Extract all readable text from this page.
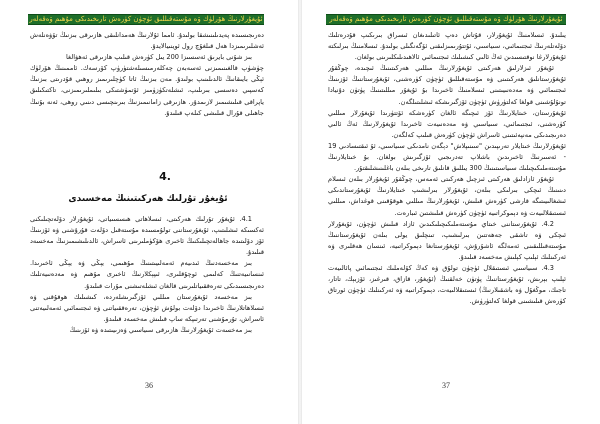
ئۇيغۇرلارنىڭ ھۆرلۈك ۋە مۇستەقىللىق ئۈچۈن كۈرەش تارىخىدىكى مۇھىم ۋەقەلەر

دەرىجىسىدە پەيدىلىنىشقا بولىدۇ. ئامما ئۇلارنىڭ ھەمدانلىقى ھازىرقى بىزنىڭ تۆۋەنلەش ئەشلىرىمىزدا ھەل قىلغۇچ رول ئوينىيالايدۇ.

بىز شۇنى بايرىق ئەسسىزا 200 يىل كۈرەش قىلىپ ھازىرقى ئەھۋالغا

چۈشۈپ قالغىنىمىزنى ئەسەبەن چەكلەرمىسىلەشتۈرۈپ كۆرسەك. ئاممىنىڭ ھۆرلۈك ئېڭى بايىقانىڭ ئالدىلىنىپ بولىدۇ. مەن بىزنىڭ ئاتا كۈچلىرىمىز روھىي قۇدرىتى بىزنىڭ كەسپىي دەسسى بىرىلىپ، ئىشلەتكۈزۈمىز ئۆتمۈشتىكى بىلىملىرىمىزنى، تاكتىكىلىق ياپراقى قىلىشىمىز لازىمدۇر. ھازىرقى زامانىمىزنىڭ بىرىنچىسى دىنىي روھى، ئەنە بۇنىڭ جاھىلى قۇرال قىلىشى كىلەپ قىلىدۇ.

4.
ئۇيغۇر تۇرلىك ھەركىتىنىڭ مەخسىدى

4.1. ئۇيغۇر تۇرلىك ھەركىتى، ئىسلاھاتى ھىسسىياتى، ئۇيغۇرلار دۆلەتچىلىكنى ئەكسىكە ئىشلىتىپ، ئۇيغۇرستاننى تولۇمسىدە مۇستەقىل دۆلەت قۇرۇشنى ۋە ئۆزىنىڭ ئۆز دۆلىتىدە جاھالەتچىلىكنىڭ ئاخىرى ھۆكۈملىرىنى ئاسراش، ئالدىلىشىمىزنىڭ مەخسەد قىلىدۇ.

بىز مەخسەدنىڭ ئىدىيەم ئەمەلىيىتىنىڭ مۇھىمى، يېڭى ۋە يېڭى ئاخىرىدا. ئىنسانىيەتنىڭ كەلىمى ئوچۇقلىرى، ئىپېكلارنىڭ ئاخىرى مۇھىم ۋە مەدەنىيەتلىك دەرىجىسىدىكى تەرەققىياتلىرىنى قالغان ئىشلەتىشنى مۇرات قىلىدۇ.

بىز مەخسەد ئۇيغۇرستان مىللىي ئۆزگىرىشلەردە، كىشىلىك ھوقۇقنى ۋە ئىسلاھاتلارنىڭ ئاخىرىدا دۆلەت بولۇش ئۈچۈن، تەرەققىياتنى ۋە ئىجتىمائىي ئەمەلىيەتنى ئاسراش، تۇرمۇشنى تەرتىپكە ساپ قىلىش مەخسەد قىلىدۇ.

بىز مەخسەت ئۇيغۇرلارنىڭ ھازىرقى سىياسىي ۋەزىيىتىدە ۋە ئۆزىنىڭ

36
ئۇيغۇرلارنىڭ ھۆرلۈك ۋە مۇستەقىللىق ئۈچۈن كۈرەش تارىخىدىكى مۇھىم ۋەقەلەر

يىلىدۇ. ئىسلامنىڭ ئۇيغۇرلار، قۇتاش دەپ ئاتىلىدىغان ئىسراق بىرىكىپ قۇدرەتلىك دۆلەتلەرنىڭ ئىجتىمائىي، سىياسىي، ئۇتتۇرىمىزلىقنى ئۆگەنگىلى بولىدۇ. ئىسلامنىڭ بىرلىكتە ئۇيغۇرلارغا نوقتىسىدىن ئەڭ ئالىي كىشىلىك ئىجتىمائىي ئالاھىدىلىكلىرىنى بولغان.

ئۇيغۇر ئىزلارلىق ھەركىتى ئۇيغۇرلارنىڭ مىللىي ھەركىتىنىڭ ئىچىدە، چوڭقۇر ئۇيغۇرستانلىق ھەركىتىنى ۋە مۇستەقىللىق ئۈچۈن كۈرەشنى، ئۇيغۇرستاننىڭ ئۆزىنىڭ ئىجتىمائىي ۋە مەدەنىيىتىنى ئىسلامنىڭ ئاخىرىدا بۇ ئۇيغۇر مىللىتىنىڭ پۈتۈن دۇنيادا تونۇلۇشىنى قولغا كەلتۈرۈش ئۈچۈن ئۆزگىرىشكە ئىشلىتىلگەن.

ئۇيغۇرستان، خىتايلارنىڭ ئۆز ئىچىگە ئالغان كۈرەشكە ئۆتتۈرىدا ئۇيغۇرلار مىللىي كۈرەشنى، ئىجتىمائىي، سىياسىي ۋە مەدەنىيەت ئاخىرىدا ئۇيغۇرلارنىڭ ئەڭ ئالىي دەرىجىدىكى مەنپەئىتىنى ئاسراش ئۈچۈن كۈرەش قىلىپ كەلگەن.

ئۇيغۇرلارنىڭ خىتايلار تەرىپىدىن "سىنىپلاش" دېگەن نامدىكى سىياسىي، ئۇ ئىقتىسادىي 19 - ئەسىرنىڭ ئاخىرىدىن باشلاپ تەدرىجىي ئۆزگىرىش بولغان. بۇ خىتايلارنىڭ مۇستەملىكىچىلىك سىياسىتىنىڭ 300 يىللىق قانلىق تارىخى بىلەن باغلىنىشلىقتۇر.

ئۇيغۇر ئازادلىق ھەركىتى ئىزچىل ھەركىتى ئەمەس، چوڭقۇر ئۇيغۇرلار بىلەن ئىسلام دىنىنىڭ ئىچكى بىرلىكى بىلەن، ئۇيغۇرلار بىرلىشىپ خىتايلارنىڭ ئۇيغۇرستاندىكى ئىشغالىيىتىگە قارشى كۈرەش قىلىش، ئۇيغۇرلارنىڭ مىللىي ھوقۇقىنى قوغداش، مىللىي ئىستىقلالىيەت ۋە دېموكراتىيە ئۈچۈن كۈرەش قىلىشتىن ئىبارەت.

4.2. ئۇيغۇرستاننى خىتاي مۇستەملىكىچىلىكىدىن ئازاد قىلىش ئۈچۈن، ئۇيغۇرلار ئىچكى ۋە تاشقى جەھەتتىن بىرلىشىپ، تىنچلىق يولى بىلەن ئۇيغۇرستاننىڭ مۇستەقىللىقىنى ئەمەلگە ئاشۇرۇش، ئۇيغۇرستانغا دېموكراتىيە، ئىنسان ھەقلىرى ۋە ئەركىنلىك ئېلىپ كېلىش مەخسەد قىلىدۇ.

4.3. سىياسىي ئىستىقلال ئۈچۈن تولۇق ۋە كەڭ كۆلەملىك ئىجتىمائىي پائالىيەت ئېلىپ بېرىش، ئۇيغۇرستاننىڭ پۈتۈن خەلقنىڭ (ئۇيغۇر، قازاق، قىرغىز، ئۆزبېك، تاتار، تاجىك، موڭغۇل ۋە باشقىلارنىڭ) ئىستىقلالىيەت، دېموكراتىيە ۋە ئەركىنلىك ئۈچۈن ئورتاق كۈرەش قىلىشىنى قولغا كەلتۈرۈش.

37
